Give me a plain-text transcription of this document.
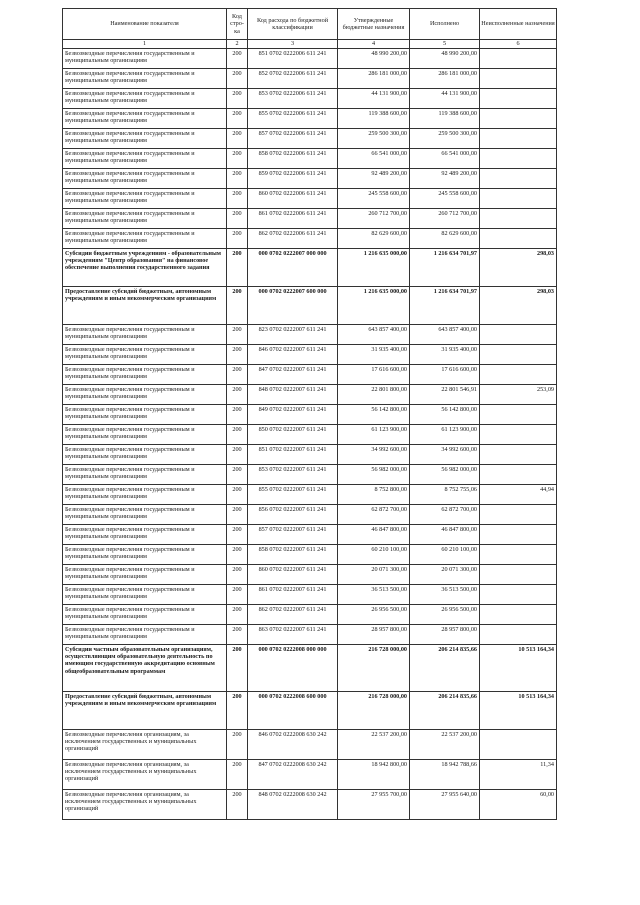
Наименование показателя	Код стро-ка	Код расхода по бюджетной классификации	Утвержденные бюджетные назначения	Исполнено	Неисполненные назначения
1	2	3	4	5	6
Безвозмездные перечисления государственным и муниципальным организациям	200	851 0702 0222006 611 241	48 990 200,00	48 990 200,00	
Безвозмездные перечисления государственным и муниципальным организациям	200	852 0702 0222006 611 241	286 181 000,00	286 181 000,00	
Безвозмездные перечисления государственным и муниципальным организациям	200	853 0702 0222006 611 241	44 131 900,00	44 131 900,00	
Безвозмездные перечисления государственным и муниципальным организациям	200	855 0702 0222006 611 241	119 388 600,00	119 388 600,00	
Безвозмездные перечисления государственным и муниципальным организациям	200	857 0702 0222006 611 241	259 500 300,00	259 500 300,00	
Безвозмездные перечисления государственным и муниципальным организациям	200	858 0702 0222006 611 241	66 541 000,00	66 541 000,00	
Безвозмездные перечисления государственным и муниципальным организациям	200	859 0702 0222006 611 241	92 489 200,00	92 489 200,00	
Безвозмездные перечисления государственным и муниципальным организациям	200	860 0702 0222006 611 241	245 558 600,00	245 558 600,00	
Безвозмездные перечисления государственным и муниципальным организациям	200	861 0702 0222006 611 241	260 712 700,00	260 712 700,00	
Безвозмездные перечисления государственным и муниципальным организациям	200	862 0702 0222006 611 241	82 629 600,00	82 629 600,00	
Субсидии бюджетным учреждениям - образовательным учреждениям "Центр образования" на финансовое обеспечение выполнения государственного задания	200	000 0702 0222007 000 000	1 216 635 000,00	1 216 634 701,97	298,03
Предоставление субсидий бюджетным, автономным учреждениям и иным некоммерческим организациям	200	000 0702 0222007 600 000	1 216 635 000,00	1 216 634 701,97	298,03
Безвозмездные перечисления государственным и муниципальным организациям	200	823 0702 0222007 611 241	643 857 400,00	643 857 400,00	
Безвозмездные перечисления государственным и муниципальным организациям	200	846 0702 0222007 611 241	31 935 400,00	31 935 400,00	
Безвозмездные перечисления государственным и муниципальным организациям	200	847 0702 0222007 611 241	17 616 600,00	17 616 600,00	
Безвозмездные перечисления государственным и муниципальным организациям	200	848 0702 0222007 611 241	22 801 800,00	22 801 546,91	253,09
Безвозмездные перечисления государственным и муниципальным организациям	200	849 0702 0222007 611 241	56 142 800,00	56 142 800,00	
Безвозмездные перечисления государственным и муниципальным организациям	200	850 0702 0222007 611 241	61 123 900,00	61 123 900,00	
Безвозмездные перечисления государственным и муниципальным организациям	200	851 0702 0222007 611 241	34 992 600,00	34 992 600,00	
Безвозмездные перечисления государственным и муниципальным организациям	200	853 0702 0222007 611 241	56 982 000,00	56 982 000,00	
Безвозмездные перечисления государственным и муниципальным организациям	200	855 0702 0222007 611 241	8 752 800,00	8 752 755,06	44,94
Безвозмездные перечисления государственным и муниципальным организациям	200	856 0702 0222007 611 241	62 872 700,00	62 872 700,00	
Безвозмездные перечисления государственным и муниципальным организациям	200	857 0702 0222007 611 241	46 847 800,00	46 847 800,00	
Безвозмездные перечисления государственным и муниципальным организациям	200	858 0702 0222007 611 241	60 210 100,00	60 210 100,00	
Безвозмездные перечисления государственным и муниципальным организациям	200	860 0702 0222007 611 241	20 071 300,00	20 071 300,00	
Безвозмездные перечисления государственным и муниципальным организациям	200	861 0702 0222007 611 241	36 513 500,00	36 513 500,00	
Безвозмездные перечисления государственным и муниципальным организациям	200	862 0702 0222007 611 241	26 956 500,00	26 956 500,00	
Безвозмездные перечисления государственным и муниципальным организациям	200	863 0702 0222007 611 241	28 957 800,00	28 957 800,00	
Субсидии частным образовательным организациям, осуществляющим образовательную деятельность по имеющим государственную аккредитацию основным общеобразовательным программам	200	000 0702 0222008 000 000	216 728 000,00	206 214 835,66	10 513 164,34
Предоставление субсидий бюджетным, автономным учреждениям и иным некоммерческим организациям	200	000 0702 0222008 600 000	216 728 000,00	206 214 835,66	10 513 164,34
Безвозмездные перечисления организациям, за исключением государственных и муниципальных организаций	200	846 0702 0222008 630 242	22 537 200,00	22 537 200,00	
Безвозмездные перечисления организациям, за исключением государственных и муниципальных организаций	200	847 0702 0222008 630 242	18 942 800,00	18 942 788,66	11,34
Безвозмездные перечисления организациям, за исключением государственных и муниципальных организаций	200	848 0702 0222008 630 242	27 955 700,00	27 955 640,00	60,00
